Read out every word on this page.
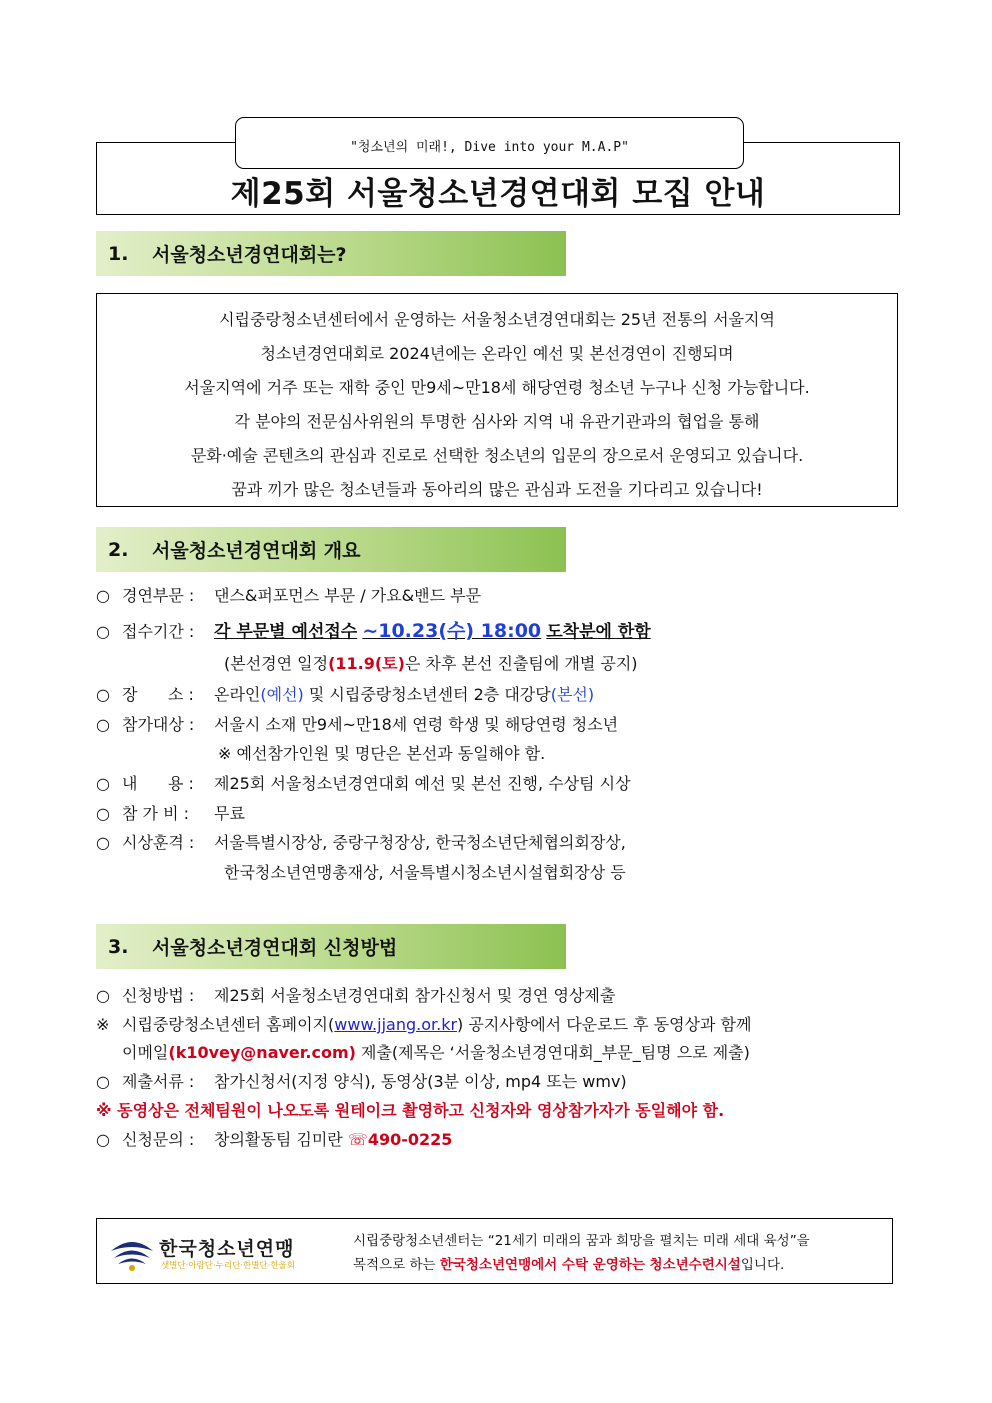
"청소년의 미래!, Dive into your M.A.P"
제25회 서울청소년경연대회 모집 안내
1.	서울청소년경연대회는?

시립중랑청소년센터에서 운영하는 서울청소년경연대회는 25년 전통의 서울지역

청소년경연대회로 2024년에는 온라인 예선 및 본선경연이 진행되며

서울지역에 거주 또는 재학 중인 만9세~만18세 해당연령 청소년 누구나 신청 가능합니다.

각 분야의 전문심사위원의 투명한 심사와 지역 내 유관기관과의 협업을 통해

문화·예술 콘텐츠의 관심과 진로로 선택한 청소년의 입문의 장으로서 운영되고 있습니다.

꿈과 끼가 많은 청소년들과 동아리의 많은 관심과 도전을 기다리고 있습니다!

2.	서울청소년경연대회 개요
○ 경연부문 : 댄스&퍼포먼스 부문 / 가요&밴드 부문
○ 접수기간 : 각 부문별 예선접수 ~10.23(수) 18:00 도착분에 한함
(본선경연 일정(11.9(토)은 차후 본선 진출팀에 개별 공지)
○ 장      소 : 온라인(예선) 및 시립중랑청소년센터 2층 대강당(본선)
○ 참가대상 : 서울시 소재 만9세~만18세 연령 학생 및 해당연령 청소년
※ 예선참가인원 및 명단은 본선과 동일해야 함.
○ 내      용 : 제25회 서울청소년경연대회 예선 및 본선 진행, 수상팀 시상
○ 참 가 비 : 무료
○ 시상훈격 : 서울특별시장상, 중랑구청장상, 한국청소년단체협의회장상,
한국청소년연맹총재상, 서울특별시청소년시설협회장상 등
3.	서울청소년경연대회 신청방법
○ 신청방법 : 제25회 서울청소년경연대회 참가신청서 및 경연 영상제출
※ 시립중랑청소년센터 홈페이지(www.jjang.or.kr) 공지사항에서 다운로드 후 동영상과 함께
이메일(k10vey@naver.com) 제출(제목은 ‘서울청소년경연대회_부문_팀명 으로 제출)
○ 제출서류 : 참가신청서(지정 양식), 동영상(3분 이상, mp4 또는 wmv)
※ 동영상은 전체팀원이 나오도록 원테이크 촬영하고 신청자와 영상참가자가 동일해야 함.
○ 신청문의 : 창의활동팀 김미란 ☏490-0225
한국청소년연맹
샛별단·아람단·누리단·한별단·한울회
시립중랑청소년센터는 “21세기 미래의 꿈과 희망을 펼치는 미래 세대 육성”을
목적으로 하는 한국청소년연맹에서 수탁 운영하는 청소년수련시설입니다.
